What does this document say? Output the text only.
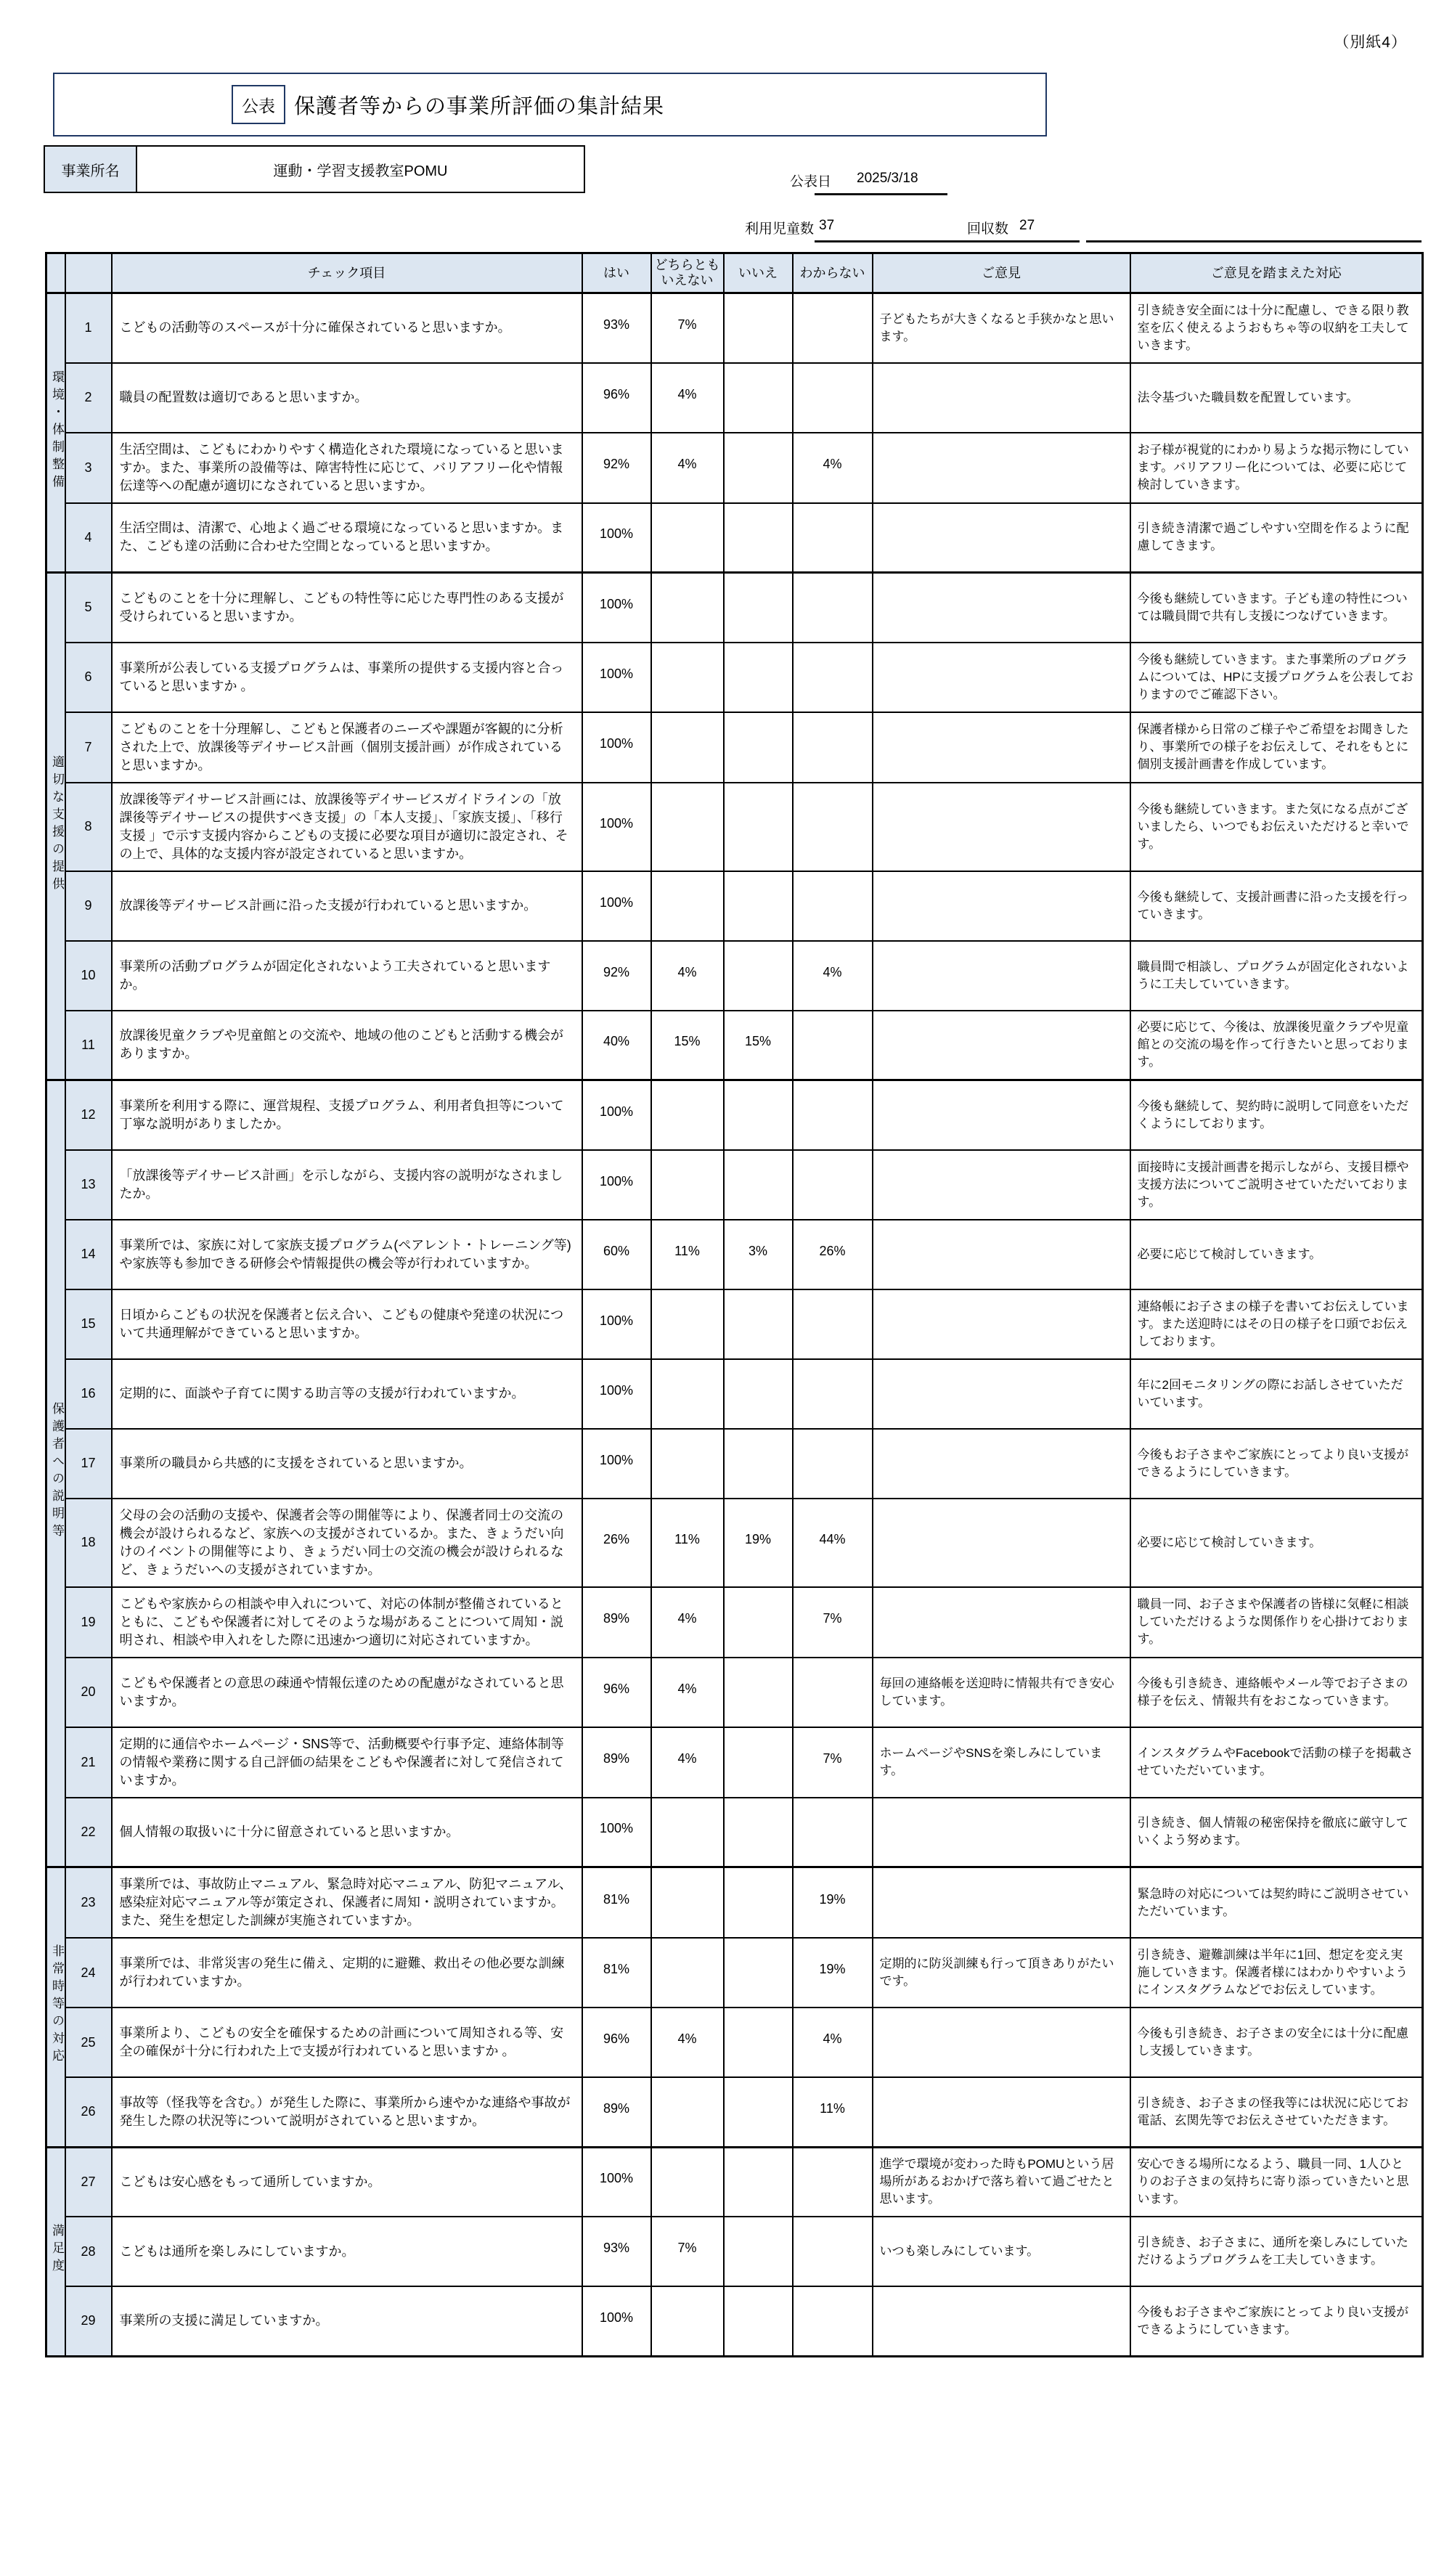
（別紙4）
公表 保護者等からの事業所評価の集計結果
事業所名	運動・学習支援教室POMU
公表日 2025/3/18
利用児童数 37	回収数 27
		チェック項目	はい	どちらとも いえない	いいえ	わからない	ご意見	ご意見を踏まえた対応
環境・体制整備	1	こどもの活動等のスペースが十分に確保されていると思いますか。	93%	7%			子どもたちが大きくなると手狭かなと思います。	引き続き安全面には十分に配慮し、できる限り教室を広く使えるようおもちゃ等の収納を工夫していきます。
	2	職員の配置数は適切であると思いますか。	96%	4%				法令基づいた職員数を配置しています。
	3	生活空間は、こどもにわかりやすく構造化された環境になっていると思いますか。また、事業所の設備等は、障害特性に応じて、バリアフリー化や情報伝達等への配慮が適切になされていると思いますか。	92%	4%		4%		お子様が視覚的にわかり易ような掲示物にしています。バリアフリー化については、必要に応じて検討していきます。
	4	生活空間は、清潔で、心地よく過ごせる環境になっていると思いますか。また、こども達の活動に合わせた空間となっていると思いますか。	100%					引き続き清潔で過ごしやすい空間を作るように配慮してきます。
適切な支援の提供	5	こどものことを十分に理解し、こどもの特性等に応じた専門性のある支援が受けられていると思いますか。	100%					今後も継続していきます。子ども達の特性については職員間で共有し支援につなげていきます。
	6	事業所が公表している支援プログラムは、事業所の提供する支援内容と合っていると思いますか 。	100%					今後も継続していきます。また事業所のプログラムについては、HPに支援プログラムを公表しておりますのでご確認下さい。
	7	こどものことを十分理解し、こどもと保護者のニーズや課題が客観的に分析された上で、放課後等デイサービス計画（個別支援計画）が作成されていると思いますか。	100%					保護者様から日常のご様子やご希望をお聞きしたり、事業所での様子をお伝えして、それをもとに個別支援計画書を作成しています。
	8	放課後等デイサービス計画には、放課後等デイサービスガイドラインの「放課後等デイサービスの提供すべき支援」の「本人支援」、「家族支援」、「移行支援 」で示す支援内容からこどもの支援に必要な項目が適切に設定され、その上で、具体的な支援内容が設定されていると思いますか。	100%					今後も継続していきます。また気になる点がございましたら、いつでもお伝えいただけると幸いです。
	9	放課後等デイサービス計画に沿った支援が行われていると思いますか。	100%					今後も継続して、支援計画書に沿った支援を行っていきます。
	10	事業所の活動プログラムが固定化されないよう工夫されていると思いますか。	92%	4%		4%		職員間で相談し、プログラムが固定化されないように工夫していていきます。
	11	放課後児童クラブや児童館との交流や、地域の他のこどもと活動する機会がありますか。	40%	15%	15%			必要に応じて、今後は、放課後児童クラブや児童館との交流の場を作って行きたいと思っております。
保護者への説明等	12	事業所を利用する際に、運営規程、支援プログラム、利用者負担等について丁寧な説明がありましたか。	100%					今後も継続して、契約時に説明して同意をいただくようにしております。
	13	「放課後等デイサービス計画」を示しながら、支援内容の説明がなされましたか。	100%					面接時に支援計画書を掲示しながら、支援目標や支援方法についてご説明させていただいております。
	14	事業所では、家族に対して家族支援プログラム(ペアレント・トレーニング等)や家族等も参加できる研修会や情報提供の機会等が行われていますか。	60%	11%	3%	26%		必要に応じて検討していきます。
	15	日頃からこどもの状況を保護者と伝え合い、こどもの健康や発達の状況について共通理解ができていると思いますか。	100%					連絡帳にお子さまの様子を書いてお伝えしています。また送迎時にはその日の様子を口頭でお伝えしております。
	16	定期的に、面談や子育てに関する助言等の支援が行われていますか。	100%					年に2回モニタリングの際にお話しさせていただいています。
	17	事業所の職員から共感的に支援をされていると思いますか。	100%					今後もお子さまやご家族にとってより良い支援ができるようにしていきます。
	18	父母の会の活動の支援や、保護者会等の開催等により、保護者同士の交流の機会が設けられるなど、家族への支援がされているか。また、きょうだい向けのイベントの開催等により、きょうだい同士の交流の機会が設けられるなど、きょうだいへの支援がされていますか。	26%	11%	19%	44%		必要に応じて検討していきます。
	19	こどもや家族からの相談や申入れについて、対応の体制が整備されているとともに、こどもや保護者に対してそのような場があることについて周知・説明され、相談や申入れをした際に迅速かつ適切に対応されていますか。	89%	4%		7%		職員一同、お子さまや保護者の皆様に気軽に相談していただけるような関係作りを心掛けております。
	20	こどもや保護者との意思の疎通や情報伝達のための配慮がなされていると思いますか。	96%	4%			毎回の連絡帳を送迎時に情報共有でき安心しています。	今後も引き続き、連絡帳やメール等でお子さまの様子を伝え、情報共有をおこなっていきます。
	21	定期的に通信やホームページ・SNS等で、活動概要や行事予定、連絡体制等の情報や業務に関する自己評価の結果をこどもや保護者に対して発信されていますか。	89%	4%		7%	ホームページやSNSを楽しみにしています。	インスタグラムやFacebookで活動の様子を掲載させていただいています。
	22	個人情報の取扱いに十分に留意されていると思いますか。	100%					引き続き、個人情報の秘密保持を徹底に厳守していくよう努めます。
非常時等の対応	23	事業所では、事故防止マニュアル、緊急時対応マニュアル、防犯マニュアル、感染症対応マニュアル等が策定され、保護者に周知・説明されていますか。また、発生を想定した訓練が実施されていますか。	81%			19%		緊急時の対応については契約時にご説明させていただいています。
	24	事業所では、非常災害の発生に備え、定期的に避難、救出その他必要な訓練が行われていますか。	81%			19%	定期的に防災訓練も行って頂きありがたいです。	引き続き、避難訓練は半年に1回、想定を変え実施していきます。保護者様にはわかりやすいようにインスタグラムなどでお伝えしています。
	25	事業所より、こどもの安全を確保するための計画について周知される等、安全の確保が十分に行われた上で支援が行われていると思いますか 。	96%	4%		4%		今後も引き続き、お子さまの安全には十分に配慮し支援していきます。
	26	事故等（怪我等を含む。）が発生した際に、事業所から速やかな連絡や事故が発生した際の状況等について説明がされていると思いますか。	89%			11%		引き続き、お子さまの怪我等には状況に応じてお電話、玄関先等でお伝えさせていただきます。
満足度	27	こどもは安心感をもって通所していますか。	100%				進学で環境が変わった時もPOMUという居場所があるおかげで落ち着いて過ごせたと思います。	安心できる場所になるよう、職員一同、1人ひとりのお子さまの気持ちに寄り添っていきたいと思います。
	28	こどもは通所を楽しみにしていますか。	93%	7%			いつも楽しみにしています。	引き続き、お子さまに、通所を楽しみにしていただけるようプログラムを工夫していきます。
	29	事業所の支援に満足していますか。	100%					今後もお子さまやご家族にとってより良い支援ができるようにしていきます。
